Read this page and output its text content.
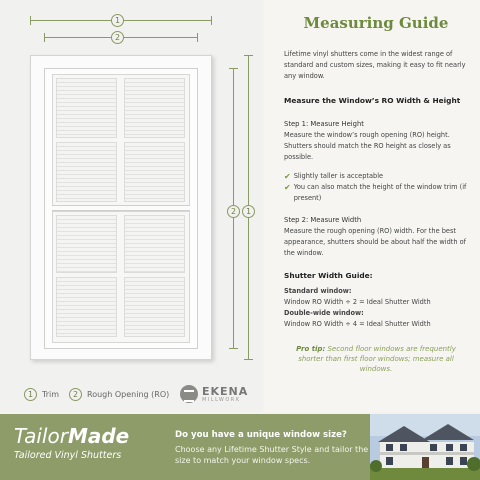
1
2
2	1
1	Trim	2	Rough Opening (RO)	EKENA
MILLWORK
Measuring Guide
Lifetime vinyl shutters come in the widest range of standard and custom sizes, making it easy to fit nearly any window.
Measure the Window’s RO Width & Height
Step 1: Measure Height
Measure the window’s rough opening (RO) height. Shutters should match the RO height as closely as possible.
✔ Slightly taller is acceptable
✔ You can also match the height of the window trim (if present)
Step 2: Measure Width
Measure the rough opening (RO) width. For the best appearance, shutters should be about half the width of the window.
Shutter Width Guide:
Standard window:
Window RO Width ÷ 2 = Ideal Shutter Width
Double-wide window:
Window RO Width ÷ 4 = Ideal Shutter Width
Pro tip: Second floor windows are frequently shorter than first floor windows; measure all windows.
TailorMade
Tailored Vinyl Shutters
Do you have a unique window size?
Choose any Lifetime Shutter Style and tailor the size to match your window specs.
